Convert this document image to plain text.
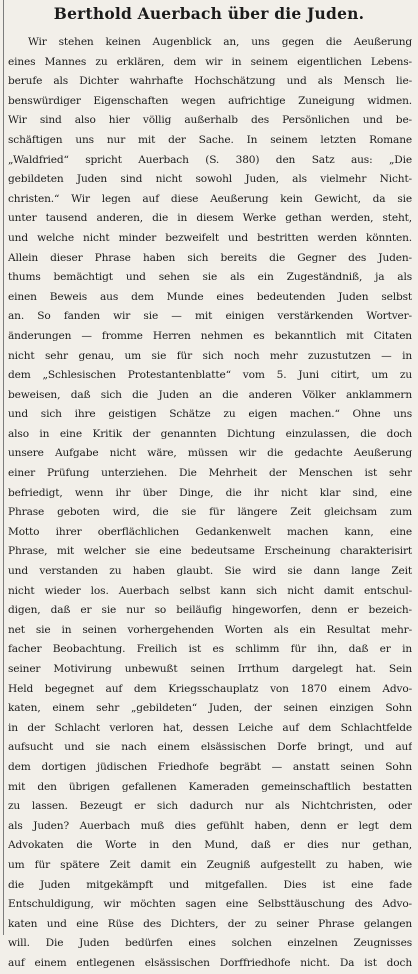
Berthold Auerbach über die Juden.
Wir stehen keinen Augenblick an, uns gegen die Aeußerung
eines Mannes zu erklären, dem wir in seinem eigentlichen Lebens-
berufe als Dichter wahrhafte Hochschätzung und als Mensch lie-
benswürdiger Eigenschaften wegen aufrichtige Zuneigung widmen.
Wir sind also hier völlig außerhalb des Persönlichen und be-
schäftigen uns nur mit der Sache. In seinem letzten Romane
„Waldfried“ spricht Auerbach (S. 380) den Satz aus: „Die
gebildeten Juden sind nicht sowohl Juden, als vielmehr Nicht-
christen.“ Wir legen auf diese Aeußerung kein Gewicht, da sie
unter tausend anderen, die in diesem Werke gethan werden, steht,
und welche nicht minder bezweifelt und bestritten werden könnten.
Allein dieser Phrase haben sich bereits die Gegner des Juden-
thums bemächtigt und sehen sie als ein Zugeständniß, ja als
einen Beweis aus dem Munde eines bedeutenden Juden selbst
an. So fanden wir sie — mit einigen verstärkenden Wortver-
änderungen — fromme Herren nehmen es bekanntlich mit Citaten
nicht sehr genau, um sie für sich noch mehr zuzustutzen — in
dem „Schlesischen Protestantenblatte“ vom 5. Juni citirt, um zu
beweisen, daß sich die Juden an die anderen Völker anklammern
und sich ihre geistigen Schätze zu eigen machen.“ Ohne uns
also in eine Kritik der genannten Dichtung einzulassen, die doch
unsere Aufgabe nicht wäre, müssen wir die gedachte Aeußerung
einer Prüfung unterziehen. Die Mehrheit der Menschen ist sehr
befriedigt, wenn ihr über Dinge, die ihr nicht klar sind, eine
Phrase geboten wird, die sie für längere Zeit gleichsam zum
Motto ihrer oberflächlichen Gedankenwelt machen kann, eine
Phrase, mit welcher sie eine bedeutsame Erscheinung charakterisirt
und verstanden zu haben glaubt. Sie wird sie dann lange Zeit
nicht wieder los. Auerbach selbst kann sich nicht damit entschul-
digen, daß er sie nur so beiläufig hingeworfen, denn er bezeich-
net sie in seinen vorhergehenden Worten als ein Resultat mehr-
facher Beobachtung. Freilich ist es schlimm für ihn, daß er in
seiner Motivirung unbewußt seinen Irrthum dargelegt hat. Sein
Held begegnet auf dem Kriegsschauplatz von 1870 einem Advo-
katen, einem sehr „gebildeten“ Juden, der seinen einzigen Sohn
in der Schlacht verloren hat, dessen Leiche auf dem Schlachtfelde
aufsucht und sie nach einem elsässischen Dorfe bringt, und auf
dem dortigen jüdischen Friedhofe begräbt — anstatt seinen Sohn
mit den übrigen gefallenen Kameraden gemeinschaftlich bestatten
zu lassen. Bezeugt er sich dadurch nur als Nichtchristen, oder
als Juden? Auerbach muß dies gefühlt haben, denn er legt dem
Advokaten die Worte in den Mund, daß er dies nur gethan,
um für spätere Zeit damit ein Zeugniß aufgestellt zu haben, wie
die Juden mitgekämpft und mitgefallen. Dies ist eine fade
Entschuldigung, wir möchten sagen eine Selbsttäuschung des Advo-
katen und eine Rüse des Dichters, der zu seiner Phrase gelangen
will. Die Juden bedürfen eines solchen einzelnen Zeugnisses
auf einem entlegenen elsässischen Dorffriedhofe nicht. Da ist doch
